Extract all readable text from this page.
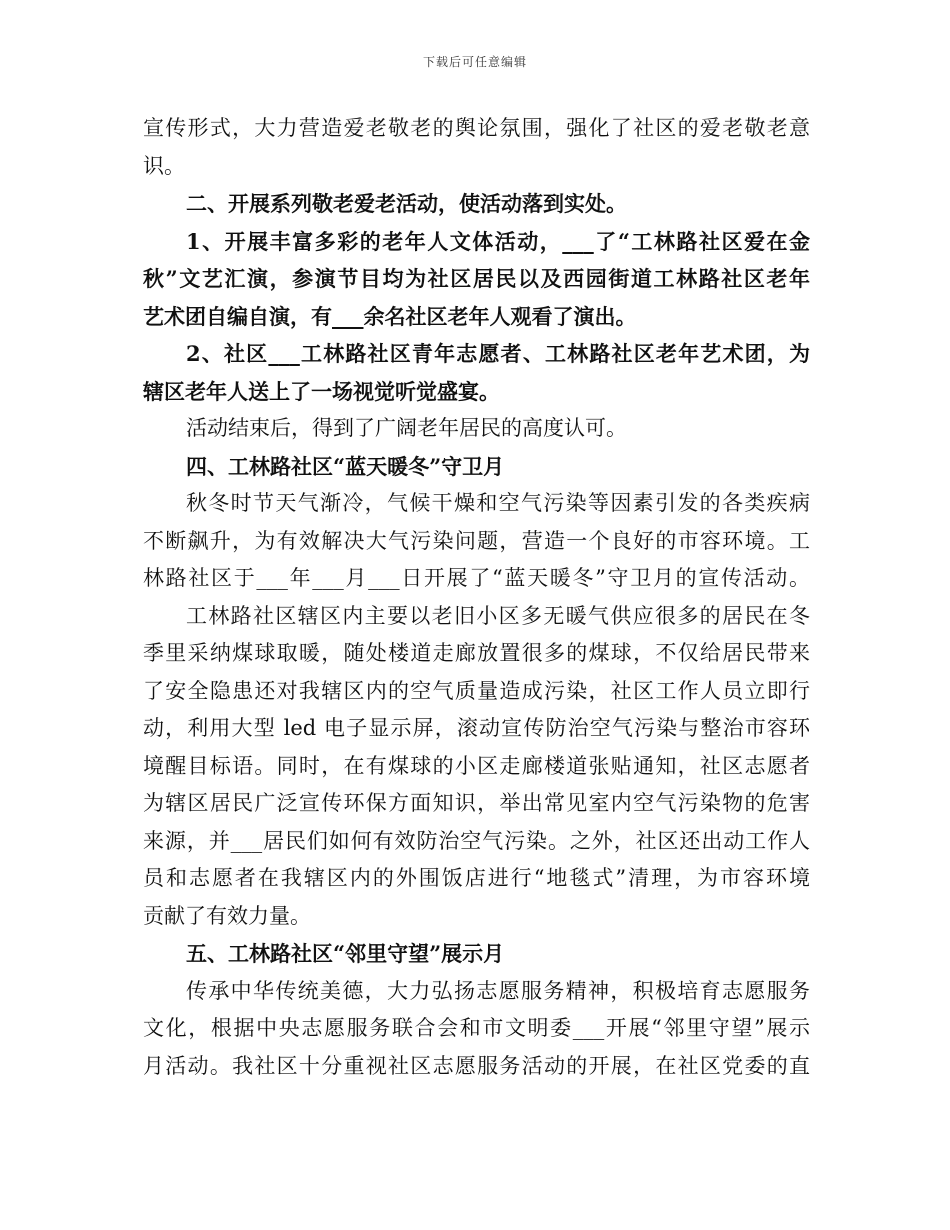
下载后可任意编辑
宣传形式，大力营造爱老敬老的舆论氛围，强化了社区的爱老敬老意
识。
二、开展系列敬老爱老活动，使活动落到实处。
1、开展丰富多彩的老年人文体活动，___了“工林路社区爱在金
秋”文艺汇演，参演节目均为社区居民以及西园街道工林路社区老年
艺术团自编自演，有___余名社区老年人观看了演出。
2、社区___工林路社区青年志愿者、工林路社区老年艺术团，为
辖区老年人送上了一场视觉听觉盛宴。
活动结束后，得到了广阔老年居民的高度认可。
四、工林路社区“蓝天暖冬”守卫月
秋冬时节天气渐冷，气候干燥和空气污染等因素引发的各类疾病
不断飙升，为有效解决大气污染问题，营造一个良好的市容环境。工
林路社区于___年___月___日开展了“蓝天暖冬”守卫月的宣传活动。
工林路社区辖区内主要以老旧小区多无暖气供应很多的居民在冬
季里采纳煤球取暖，随处楼道走廊放置很多的煤球，不仅给居民带来
了安全隐患还对我辖区内的空气质量造成污染，社区工作人员立即行
动，利用大型 led 电子显示屏，滚动宣传防治空气污染与整治市容环
境醒目标语。同时，在有煤球的小区走廊楼道张贴通知，社区志愿者
为辖区居民广泛宣传环保方面知识，举出常见室内空气污染物的危害
来源，并___居民们如何有效防治空气污染。之外，社区还出动工作人
员和志愿者在我辖区内的外围饭店进行“地毯式”清理，为市容环境
贡献了有效力量。
五、工林路社区“邻里守望”展示月
传承中华传统美德，大力弘扬志愿服务精神，积极培育志愿服务
文化，根据中央志愿服务联合会和市文明委___开展“邻里守望”展示
月活动。我社区十分重视社区志愿服务活动的开展，在社区党委的直
